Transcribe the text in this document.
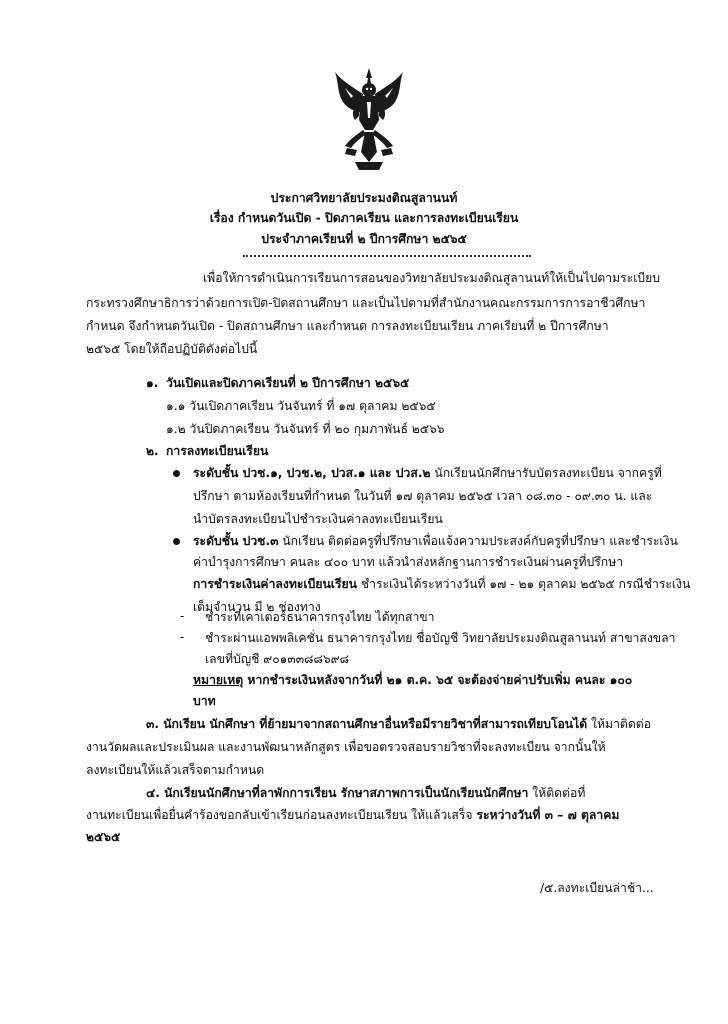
ประกาศวิทยาลัยประมงติณสูลานนท์
เรื่อง กำหนดวันเปิด - ปิดภาคเรียน และการลงทะเบียนเรียน
ประจำภาคเรียนที่ ๒ ปีการศึกษา ๒๕๖๕
เพื่อให้การดำเนินการเรียนการสอนของวิทยาลัยประมงติณสูลานนท์ให้เป็นไปตามระเบียบ
กระทรวงศึกษาธิการว่าด้วยการเปิด-ปิดสถานศึกษา และเป็นไปตามที่สำนักงานคณะกรรมการการอาชีวศึกษา
กำหนด จึงกำหนดวันเปิด - ปิดสถานศึกษา และกำหนด การลงทะเบียนเรียน ภาคเรียนที่ ๒ ปีการศึกษา
๒๕๖๕ โดยให้ถือปฏิบัติดังต่อไปนี้
๑. วันเปิดและปิดภาคเรียนที่ ๒ ปีการศึกษา ๒๕๖๕
๑.๑ วันเปิดภาคเรียน วันจันทร์ ที่ ๑๗ ตุลาคม ๒๕๖๕
๑.๒ วันปิดภาคเรียน วันจันทร์ ที่ ๒๐ กุมภาพันธ์ ๒๕๖๖
๒. การลงทะเบียนเรียน
ระดับชั้น ปวช.๑, ปวช.๒, ปวส.๑ และ ปวส.๒ นักเรียนนักศึกษารับบัตรลงทะเบียน จากครูที่
ปรึกษา ตามห้องเรียนที่กำหนด ในวันที่ ๑๗ ตุลาคม ๒๕๖๕ เวลา ๐๘.๓๐ - ๐๙.๓๐ น. และ
นำบัตรลงทะเบียนไปชำระเงินค่าลงทะเบียนเรียน
ระดับชั้น ปวช.๓ นักเรียน ติดต่อครูที่ปรึกษาเพื่อแจ้งความประสงค์กับครูที่ปรึกษา และชำระเงิน
ค่าบำรุงการศึกษา คนละ ๔๐๐ บาท แล้วนำส่งหลักฐานการชำระเงินผ่านครูที่ปรึกษา
การชำระเงินค่าลงทะเบียนเรียน ชำระเงินได้ระหว่างวันที่ ๑๗ - ๒๑ ตุลาคม ๒๕๖๕ กรณีชำระเงิน
เต็มจำนวน มี ๒ ช่องทาง
- ชำระที่เคาเตอร์ธนาคารกรุงไทย ได้ทุกสาขา
- ชำระผ่านแอพพลิเคชั่น ธนาคารกรุงไทย ชื่อบัญชี วิทยาลัยประมงติณสูลานนท์ สาขาสงขลา
เลขที่บัญชี ๙๐๑๓๓๘๘๖๙๘
หมายเหตุ หากชำระเงินหลังจากวันที่ ๒๑ ต.ค. ๖๕ จะต้องจ่ายค่าปรับเพิ่ม คนละ ๑๐๐
บาท
๓. นักเรียน นักศึกษา ที่ย้ายมาจากสถานศึกษาอื่นหรือมีรายวิชาที่สามารถเทียบโอนได้ ให้มาติดต่อ
งานวัดผลและประเมินผล และงานพัฒนาหลักสูตร เพื่อขอตรวจสอบรายวิชาที่จะลงทะเบียน จากนั้นให้
ลงทะเบียนให้แล้วเสร็จตามกำหนด
๔. นักเรียนนักศึกษาที่ลาพักการเรียน รักษาสภาพการเป็นนักเรียนนักศึกษา ให้ติดต่อที่
งานทะเบียนเพื่อยื่นคำร้องขอกลับเข้าเรียนก่อนลงทะเบียนเรียน ให้แล้วเสร็จ ระหว่างวันที่ ๓ – ๗ ตุลาคม
๒๕๖๕
/๕.ลงทะเบียนล่าช้า...
